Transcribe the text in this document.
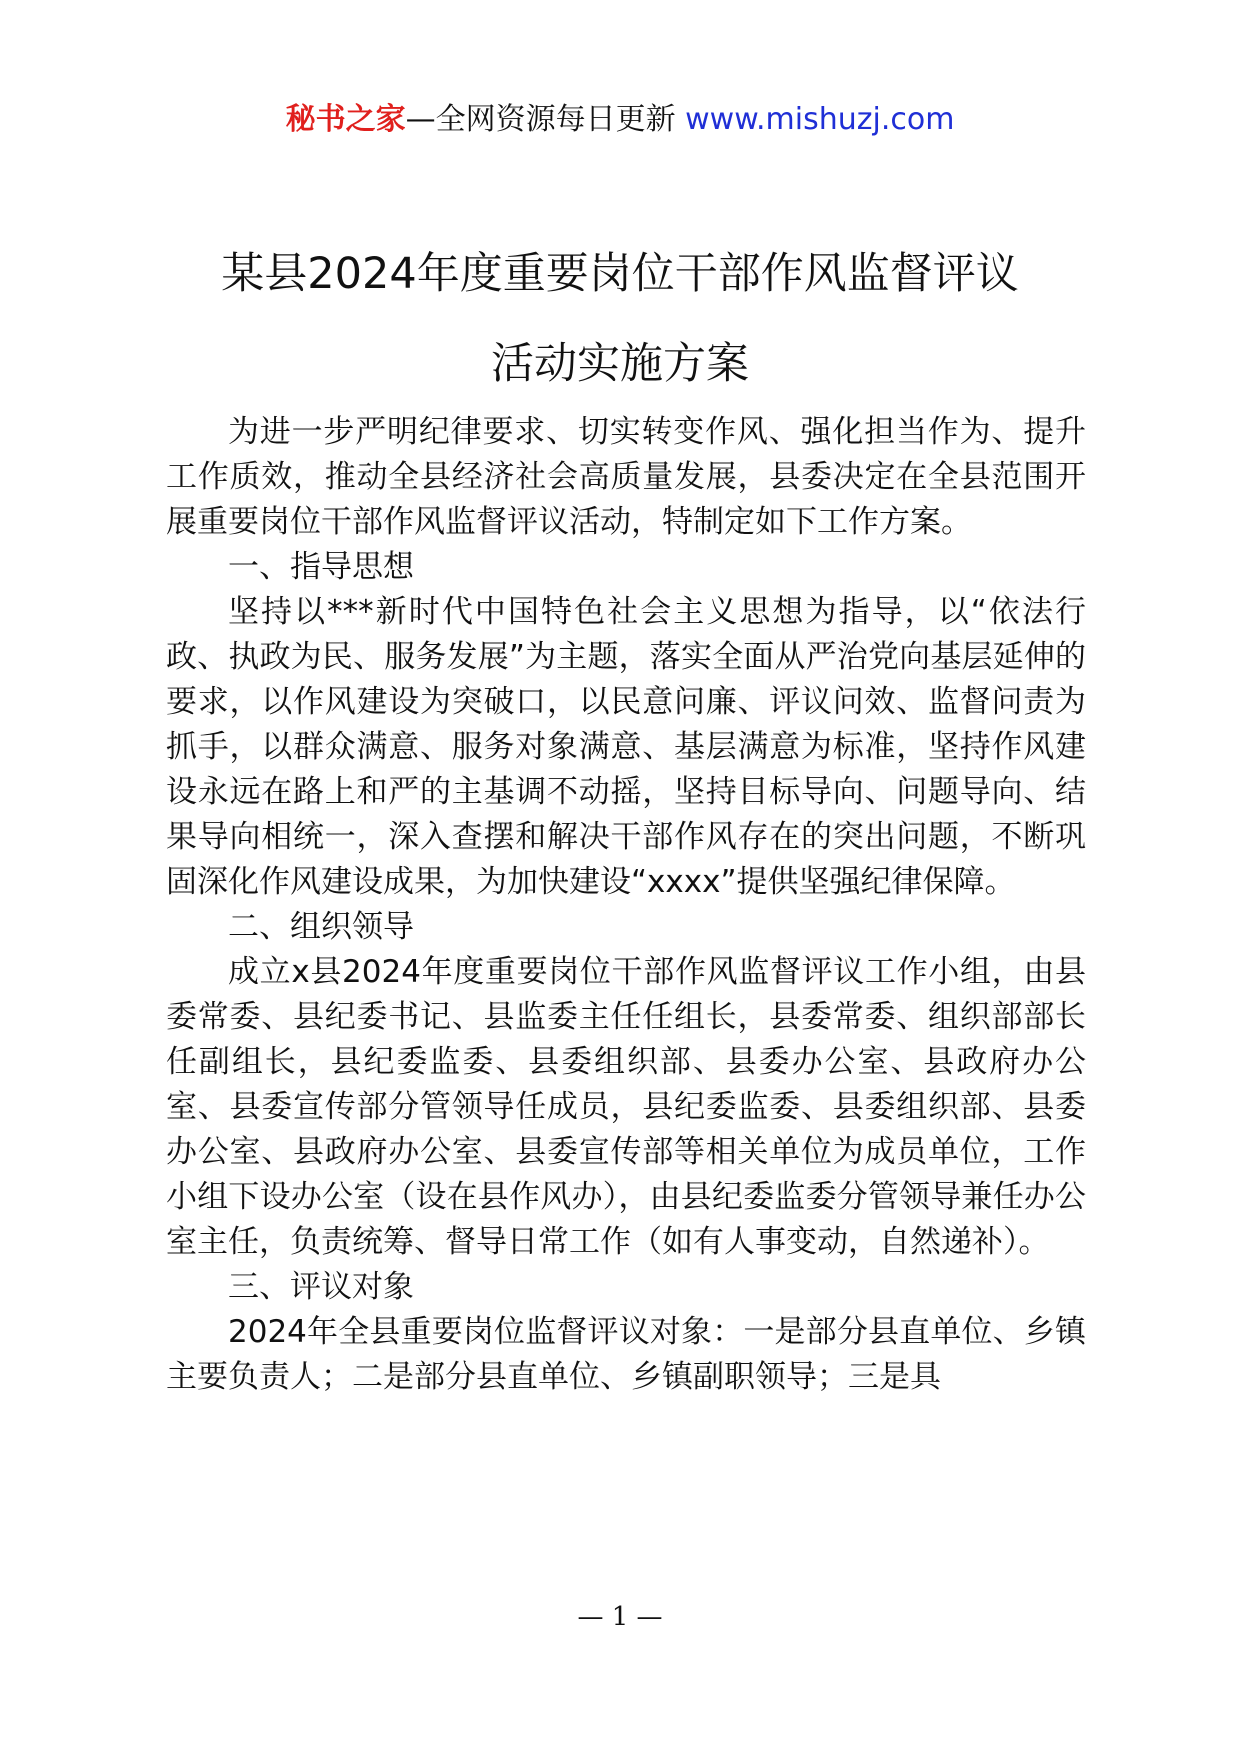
秘书之家—全网资源每日更新 www.mishuzj.com
某县2024年度重要岗位干部作风监督评议
活动实施方案

为进一步严明纪律要求、切实转变作风、强化担当作为、提升工作质效，推动全县经济社会高质量发展，县委决定在全县范围开展重要岗位干部作风监督评议活动，特制定如下工作方案。

一、指导思想

坚持以***新时代中国特色社会主义思想为指导，以“依法行政、执政为民、服务发展”为主题，落实全面从严治党向基层延伸的要求，以作风建设为突破口，以民意问廉、评议问效、监督问责为抓手，以群众满意、服务对象满意、基层满意为标准，坚持作风建设永远在路上和严的主基调不动摇，坚持目标导向、问题导向、结果导向相统一，深入查摆和解决干部作风存在的突出问题，不断巩固深化作风建设成果，为加快建设“xxxx”提供坚强纪律保障。

二、组织领导

成立x县2024年度重要岗位干部作风监督评议工作小组，由县委常委、县纪委书记、县监委主任任组长，县委常委、组织部部长任副组长，县纪委监委、县委组织部、县委办公室、县政府办公室、县委宣传部分管领导任成员，县纪委监委、县委组织部、县委办公室、县政府办公室、县委宣传部等相关单位为成员单位，工作小组下设办公室（设在县作风办），由县纪委监委分管领导兼任办公室主任，负责统筹、督导日常工作（如有人事变动，自然递补）。

三、评议对象

2024年全县重要岗位监督评议对象：一是部分县直单位、乡镇主要负责人；二是部分县直单位、乡镇副职领导；三是具

— 1 —
